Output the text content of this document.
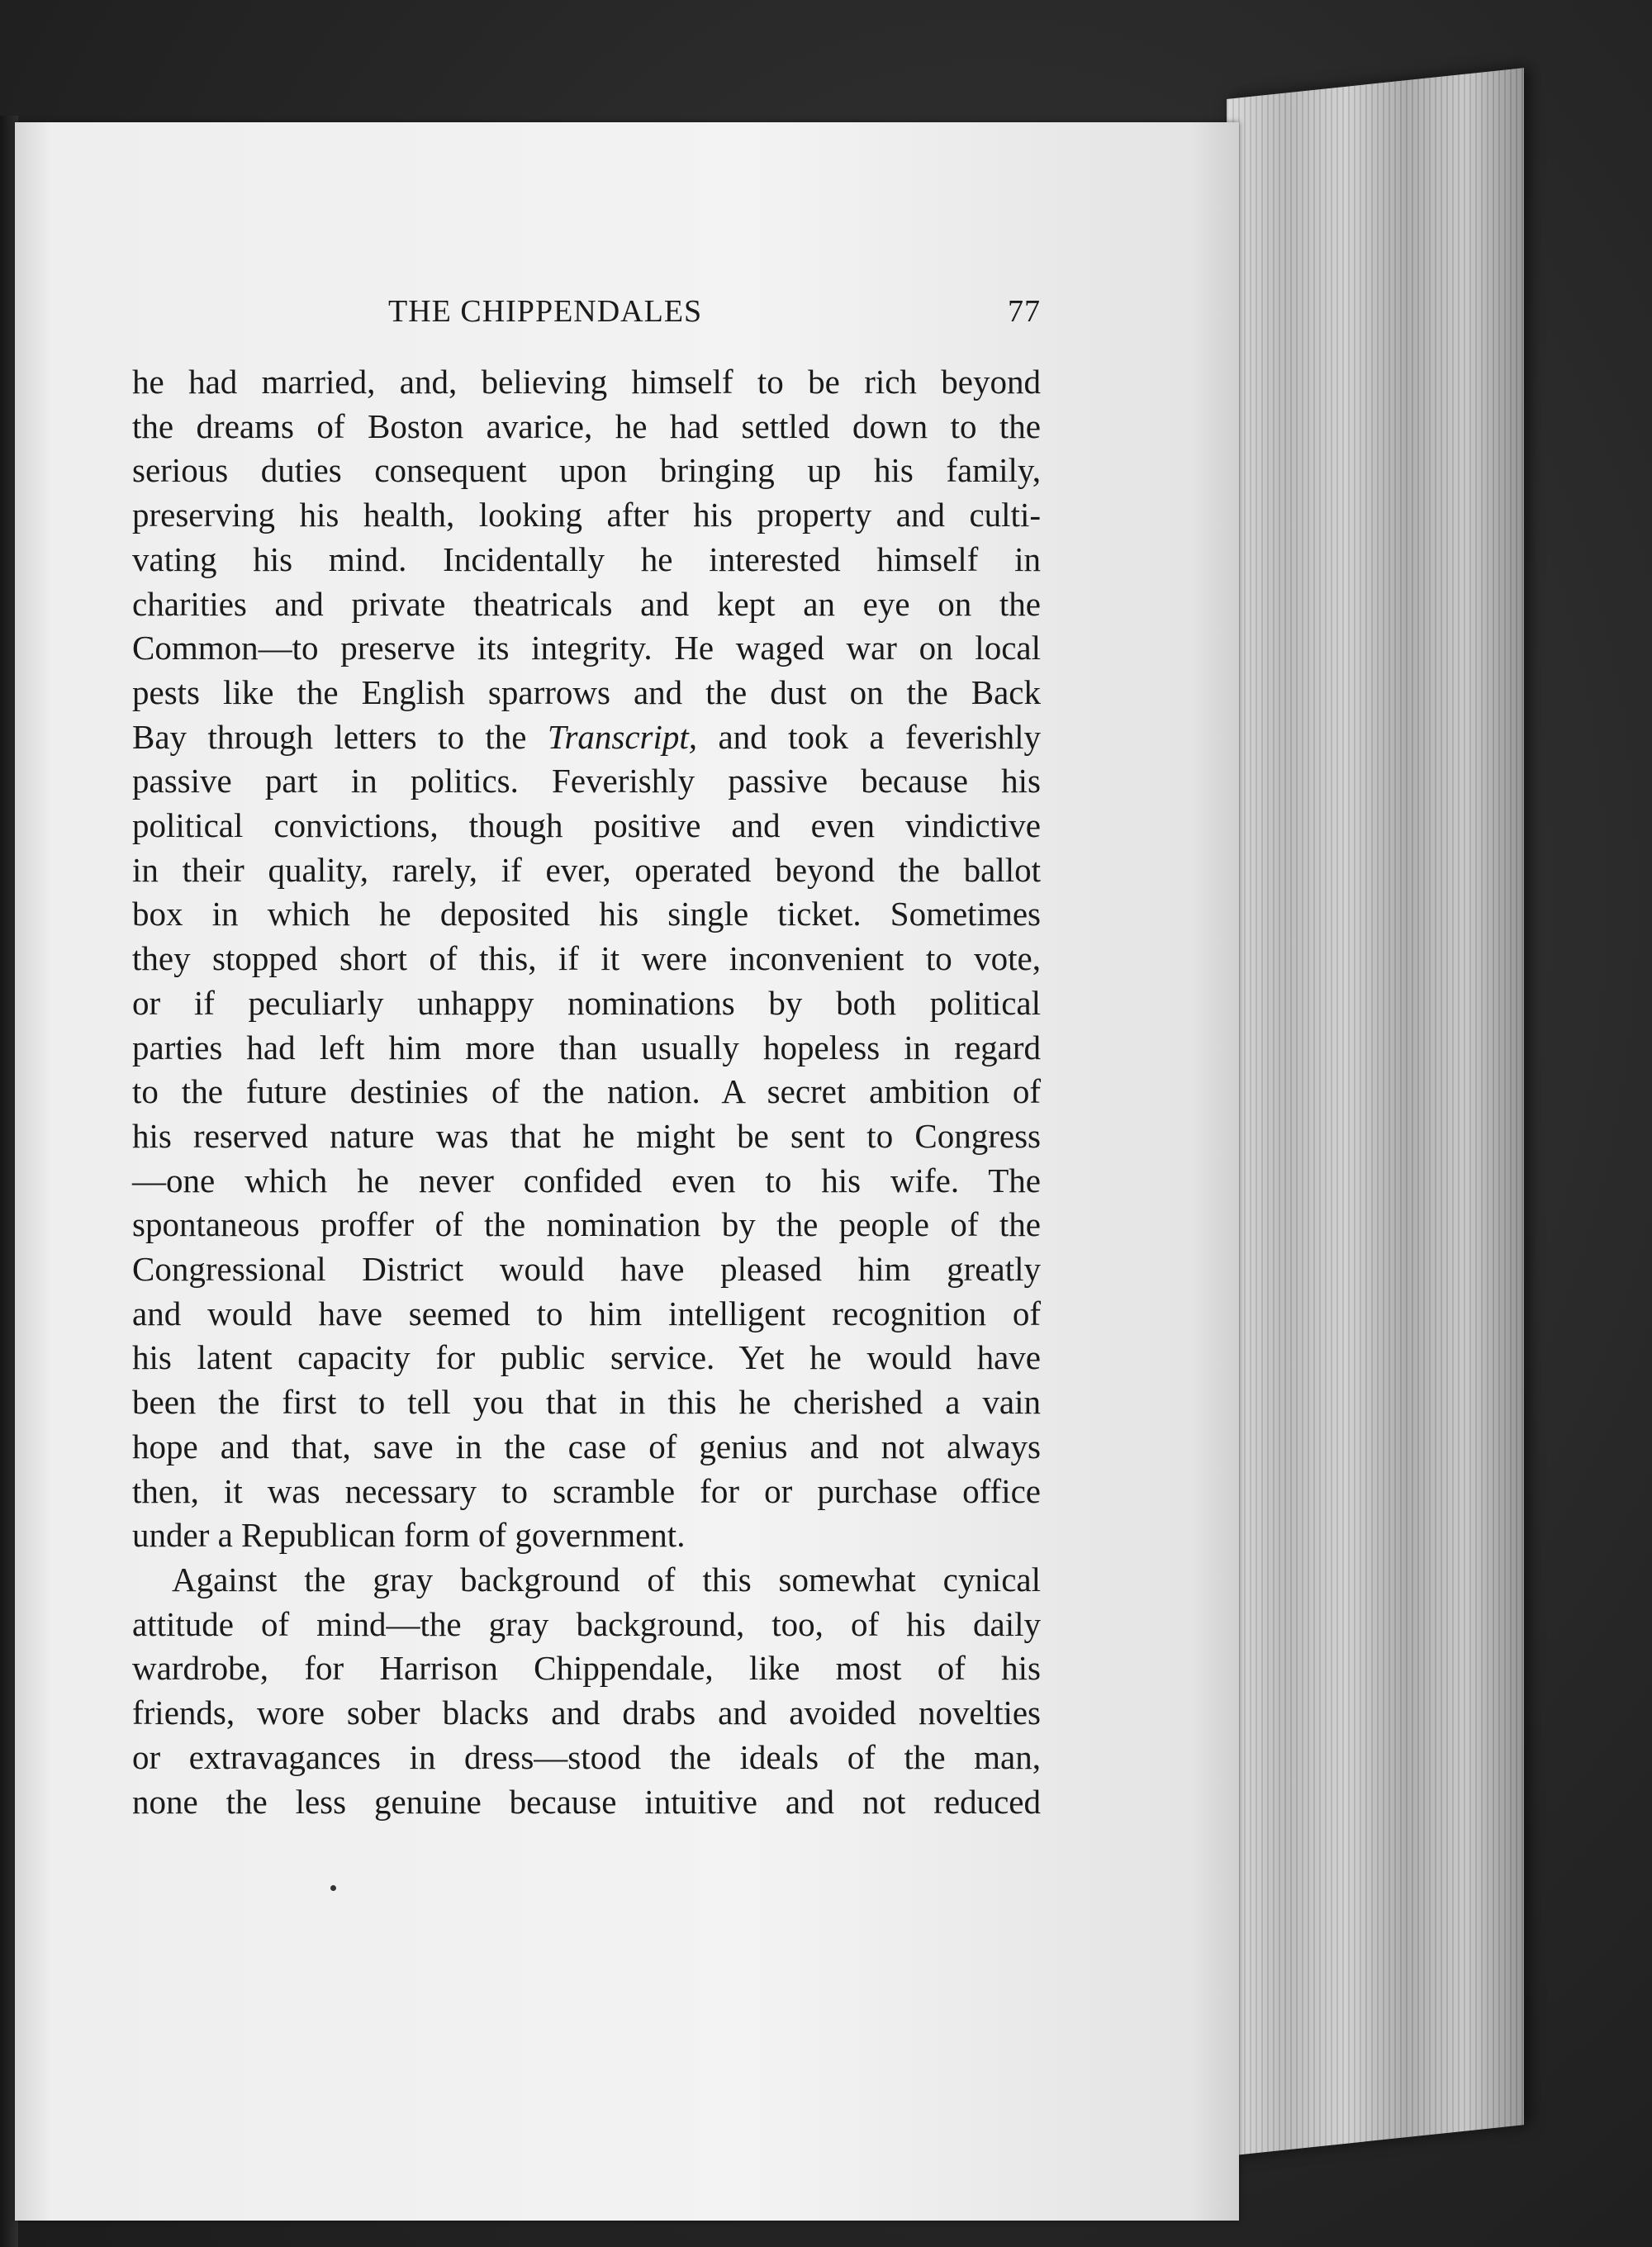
THE CHIPPENDALES	77
he had married, and, believing himself to be rich beyond
the dreams of Boston avarice, he had settled down to the
serious duties consequent upon bringing up his family,
preserving his health, looking after his property and culti-
vating his mind. Incidentally he interested himself in
charities and private theatricals and kept an eye on the
Common—to preserve its integrity. He waged war on local
pests like the English sparrows and the dust on the Back
Bay through letters to the Transcript, and took a feverishly
passive part in politics. Feverishly passive because his
political convictions, though positive and even vindictive
in their quality, rarely, if ever, operated beyond the ballot
box in which he deposited his single ticket. Sometimes
they stopped short of this, if it were inconvenient to vote,
or if peculiarly unhappy nominations by both political
parties had left him more than usually hopeless in regard
to the future destinies of the nation. A secret ambition of
his reserved nature was that he might be sent to Congress
—one which he never confided even to his wife. The
spontaneous proffer of the nomination by the people of the
Congressional District would have pleased him greatly
and would have seemed to him intelligent recognition of
his latent capacity for public service. Yet he would have
been the first to tell you that in this he cherished a vain
hope and that, save in the case of genius and not always
then, it was necessary to scramble for or purchase office
under a Republican form of government.
Against the gray background of this somewhat cynical
attitude of mind—the gray background, too, of his daily
wardrobe, for Harrison Chippendale, like most of his
friends, wore sober blacks and drabs and avoided novelties
or extravagances in dress—stood the ideals of the man,
none the less genuine because intuitive and not reduced
